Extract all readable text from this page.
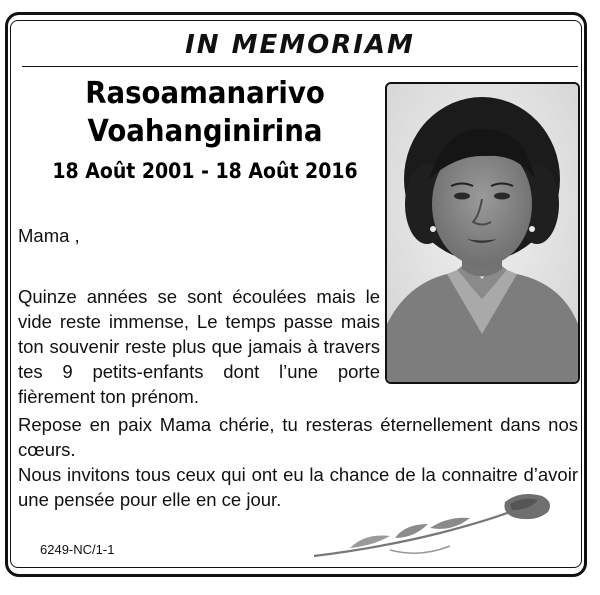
IN MEMORIAM
Rasoamanarivo
Voahanginirina
18 Août 2001 - 18 Août 2016
Mama ,
Quinze années se sont écoulées mais le vide reste immense, Le temps passe mais ton souvenir reste plus que jamais à travers tes 9 petits-enfants dont l’une porte fièrement ton prénom.
Repose en paix Mama chérie, tu resteras éternellement dans nos cœurs.
Nous invitons tous ceux qui ont eu la chance de la connaitre d’avoir une pensée pour elle en ce jour.
6249-NC/1-1
